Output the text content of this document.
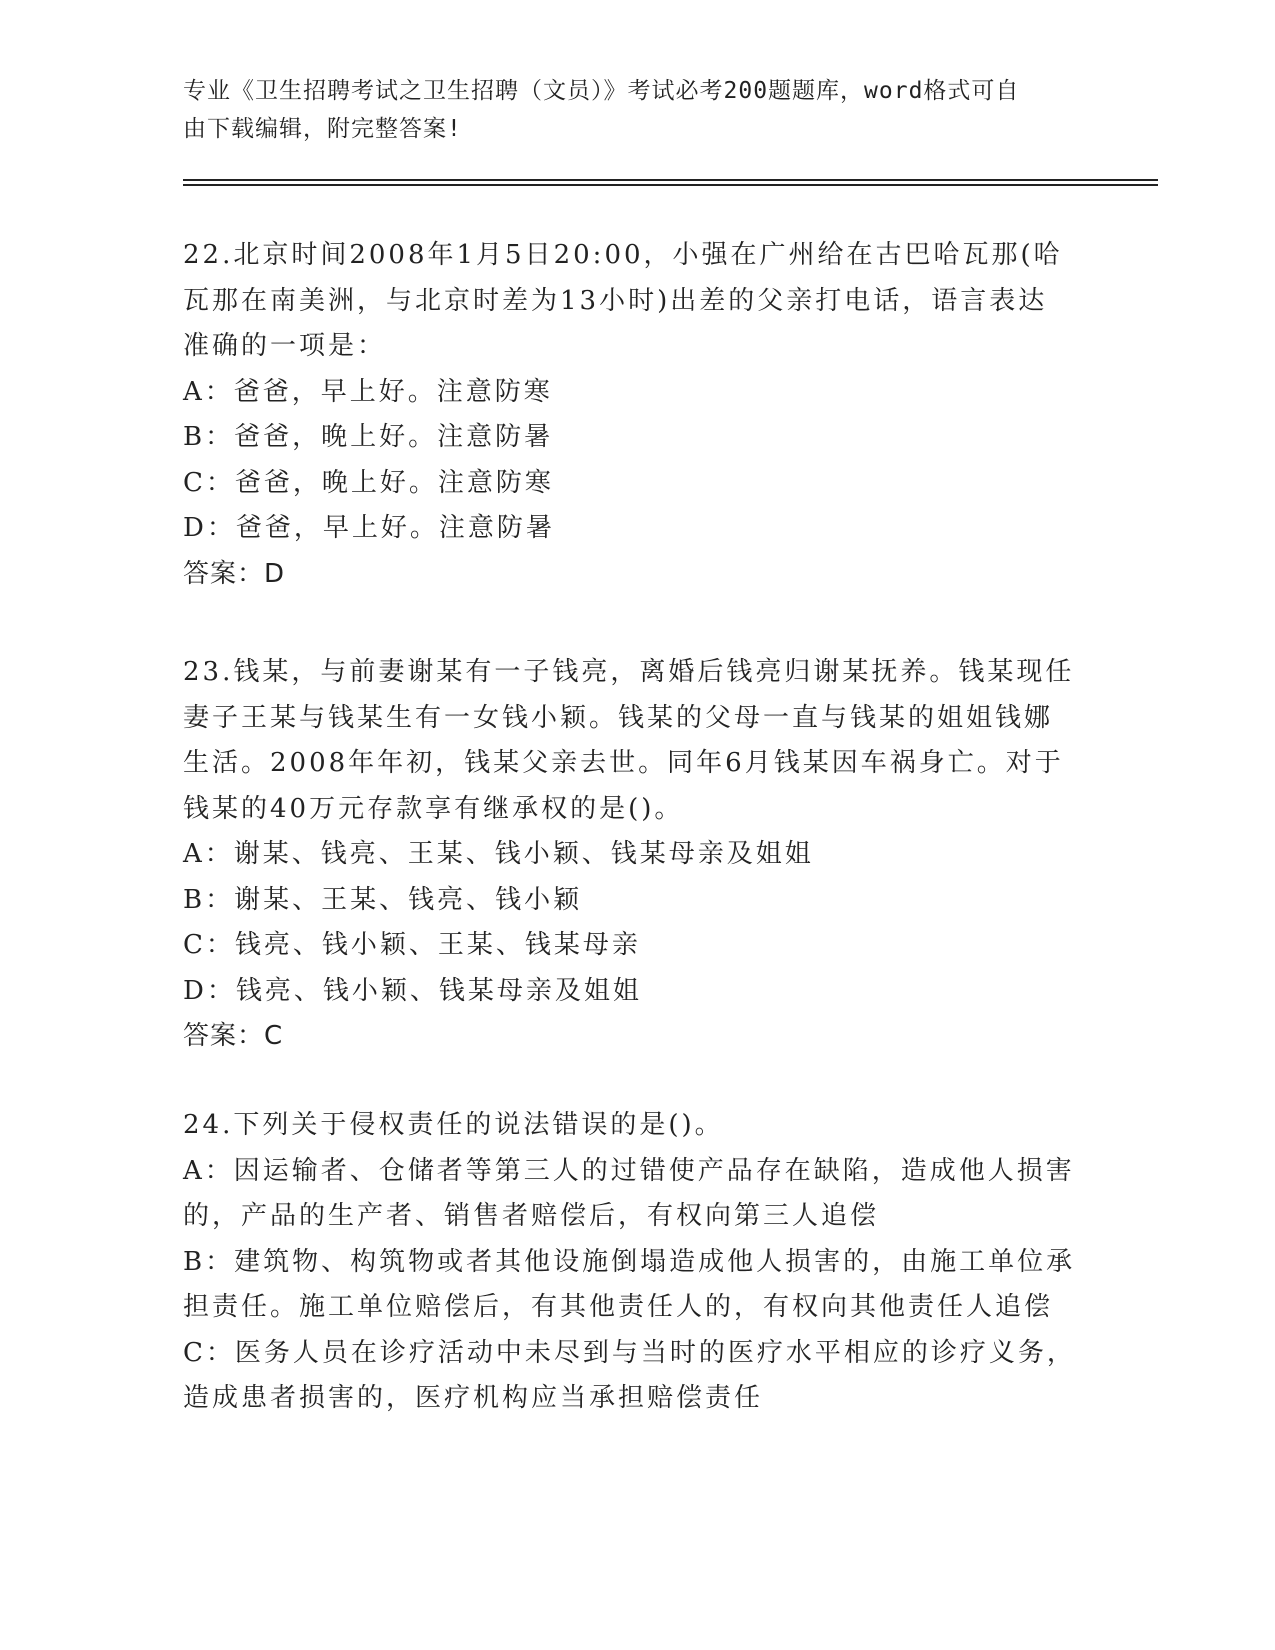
专业《卫生招聘考试之卫生招聘（文员）》考试必考200题题库，word格式可自
由下载编辑，附完整答案!
22.北京时间2008年1月5日20:00，小强在广州给在古巴哈瓦那(哈
瓦那在南美洲，与北京时差为13小时)出差的父亲打电话，语言表达
准确的一项是：
A：爸爸，早上好。注意防寒
B：爸爸，晚上好。注意防暑
C：爸爸，晚上好。注意防寒
D：爸爸，早上好。注意防暑
答案：D
23.钱某，与前妻谢某有一子钱亮，离婚后钱亮归谢某抚养。钱某现任
妻子王某与钱某生有一女钱小颖。钱某的父母一直与钱某的姐姐钱娜
生活。2008年年初，钱某父亲去世。同年6月钱某因车祸身亡。对于
钱某的40万元存款享有继承权的是()。
A：谢某、钱亮、王某、钱小颖、钱某母亲及姐姐
B：谢某、王某、钱亮、钱小颖
C：钱亮、钱小颖、王某、钱某母亲
D：钱亮、钱小颖、钱某母亲及姐姐
答案：C
24.下列关于侵权责任的说法错误的是()。
A：因运输者、仓储者等第三人的过错使产品存在缺陷，造成他人损害
的，产品的生产者、销售者赔偿后，有权向第三人追偿
B：建筑物、构筑物或者其他设施倒塌造成他人损害的，由施工单位承
担责任。施工单位赔偿后，有其他责任人的，有权向其他责任人追偿
C：医务人员在诊疗活动中未尽到与当时的医疗水平相应的诊疗义务，
造成患者损害的，医疗机构应当承担赔偿责任
